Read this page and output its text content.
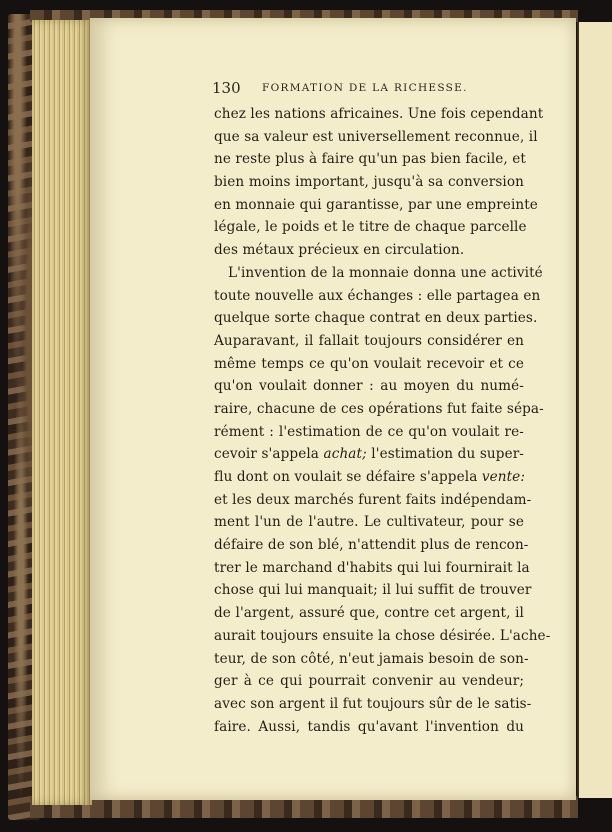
130 FORMATION DE LA RICHESSE.
chez les nations africaines. Une fois cependant
que sa valeur est universellement reconnue, il
ne reste plus à faire qu'un pas bien facile, et
bien moins important, jusqu'à sa conversion
en monnaie qui garantisse, par une empreinte
légale, le poids et le titre de chaque parcelle
des métaux précieux en circulation.
L'invention de la monnaie donna une activité
toute nouvelle aux échanges : elle partagea en
quelque sorte chaque contrat en deux parties.
Auparavant, il fallait toujours considérer en
même temps ce qu'on voulait recevoir et ce
qu'on voulait donner : au moyen du numé-
raire, chacune de ces opérations fut faite sépa-
rément : l'estimation de ce qu'on voulait re-
cevoir s'appela achat; l'estimation du super-
flu dont on voulait se défaire s'appela vente:
et les deux marchés furent faits indépendam-
ment l'un de l'autre. Le cultivateur, pour se
défaire de son blé, n'attendit plus de rencon-
trer le marchand d'habits qui lui fournirait la
chose qui lui manquait; il lui suffit de trouver
de l'argent, assuré que, contre cet argent, il
aurait toujours ensuite la chose désirée. L'ache-
teur, de son côté, n'eut jamais besoin de son-
ger à ce qui pourrait convenir au vendeur;
avec son argent il fut toujours sûr de le satis-
faire. Aussi, tandis qu'avant l'invention du
